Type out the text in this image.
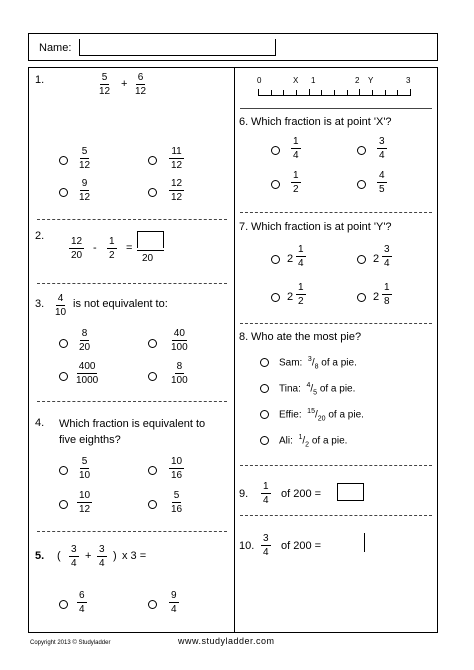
Name:
1.	$\frac{5}{12} + \frac{6}{12}$
$\frac{5}{12}$	$\frac{11}{12}$
$\frac{9}{12}$	$\frac{12}{12}$
2. $\frac{12}{20} - \frac{1}{2}$ =
20
3. $\frac{4}{10}$ is not equivalent to:
$\frac{8}{20}$	$\frac{40}{100}$
$\frac{400}{1000}$	$\frac{8}{100}$
4. Which fraction is equivalent to
five eighths?
$\frac{5}{10}$	$\frac{10}{16}$
$\frac{10}{12}$	$\frac{5}{16}$
5. ( $\frac{3}{4} + \frac{3}{4}$ ) x 3 =
$\frac{6}{4}$	$\frac{9}{4}$
0	X 1	2 Y	3
6. Which fraction is at point 'X'?
$\frac{1}{4}$	$\frac{3}{4}$
$\frac{1}{2}$	$\frac{4}{5}$
7. Which fraction is at point 'Y'?
$2 \frac{1}{4}$	$2 \frac{3}{4}$
$2 \frac{1}{2}$	$2 \frac{1}{8}$
8. Who ate the most pie?
Sam: $^3/_8$ of a pie.
Tina: $^4/_5$ of a pie.
Effie: $^{15}/_{20}$ of a pie.
Ali: $^1/_2$ of a pie.
9. $\frac{1}{4}$ of 200 =
10. $\frac{3}{4}$ of 200 =
Copyright 2013 © Studyladder	www.studyladder.com
